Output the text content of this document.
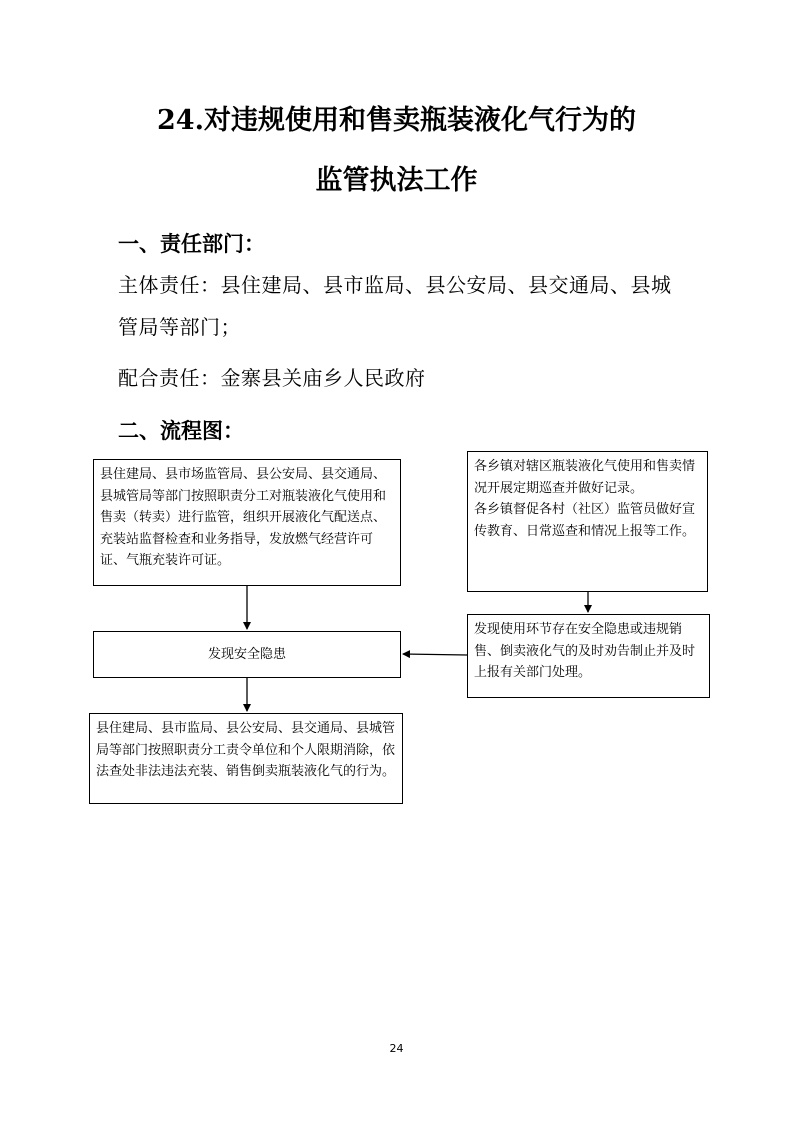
24.对违规使用和售卖瓶装液化气行为的
监管执法工作
一、责任部门：

主体责任：县住建局、县市监局、县公安局、县交通局、县城管局等部门；

配合责任：金寨县关庙乡人民政府

二、流程图：
县住建局、县市场监管局、县公安局、县交通局、县城管局等部门按照职责分工对瓶装液化气使用和售卖（转卖）进行监管，组织开展液化气配送点、充装站监督检查和业务指导，发放燃气经营许可证、气瓶充装许可证。
各乡镇对辖区瓶装液化气使用和售卖情况开展定期巡查并做好记录。
各乡镇督促各村（社区）监管员做好宣传教育、日常巡查和情况上报等工作。
发现安全隐患
发现使用环节存在安全隐患或违规销售、倒卖液化气的及时劝告制止并及时上报有关部门处理。
县住建局、县市监局、县公安局、县交通局、县城管局等部门按照职责分工责令单位和个人限期消除，依法查处非法违法充装、销售倒卖瓶装液化气的行为。
24
